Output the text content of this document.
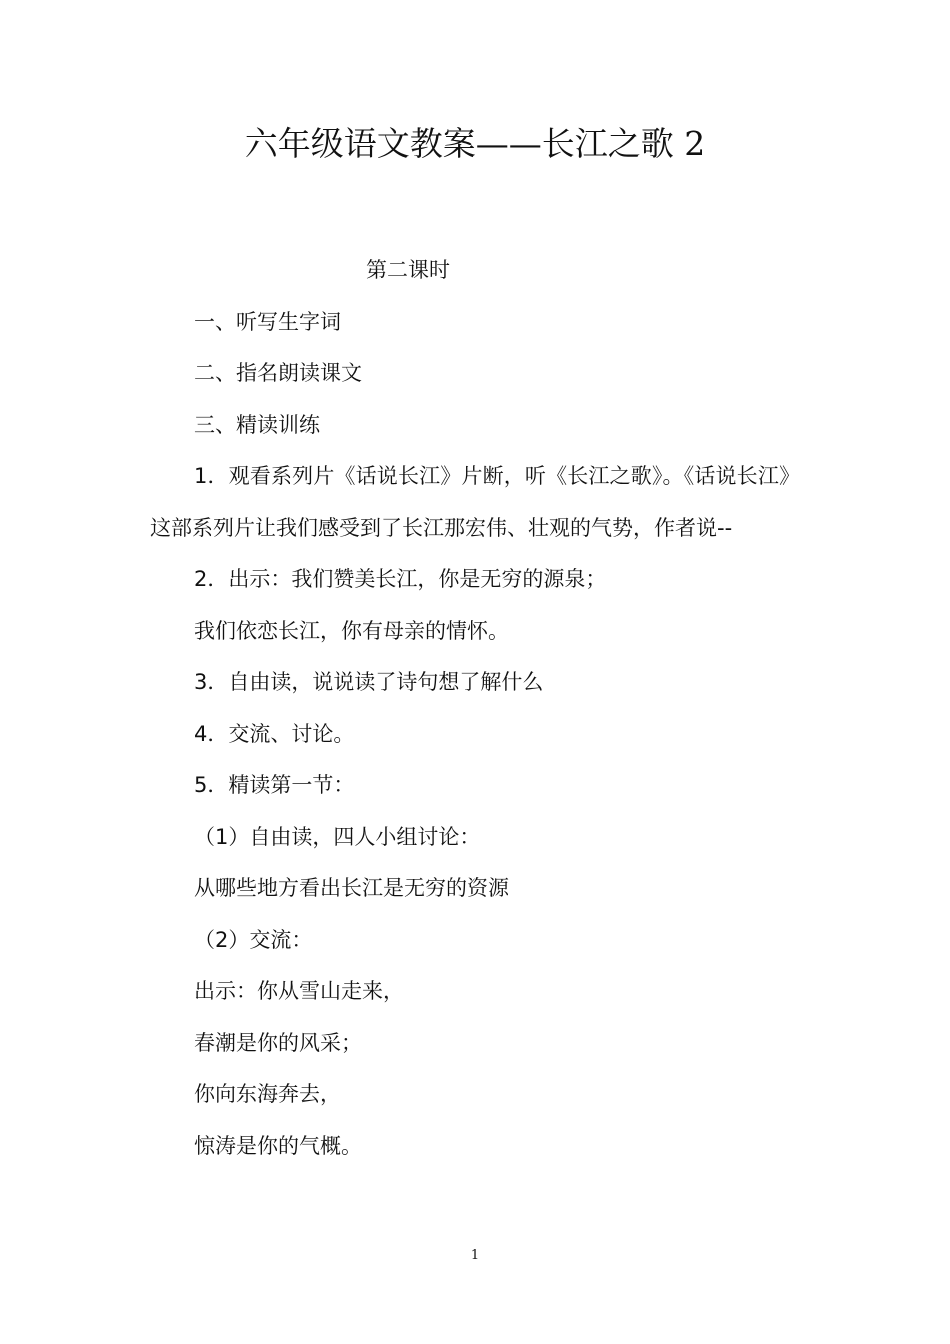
六年级语文教案——长江之歌 2

第二课时

一、听写生字词

二、指名朗读课文

三、精读训练

1．观看系列片《话说长江》片断，听《长江之歌》。《话说长江》这部系列片让我们感受到了长江那宏伟、壮观的气势，作者说--

2．出示：我们赞美长江，你是无穷的源泉；

我们依恋长江，你有母亲的情怀。

3．自由读，说说读了诗句想了解什么

4．交流、讨论。

5．精读第一节：

（1）自由读，四人小组讨论：

从哪些地方看出长江是无穷的资源

（2）交流：

出示：你从雪山走来，

春潮是你的风采；

你向东海奔去，

惊涛是你的气概。

1
